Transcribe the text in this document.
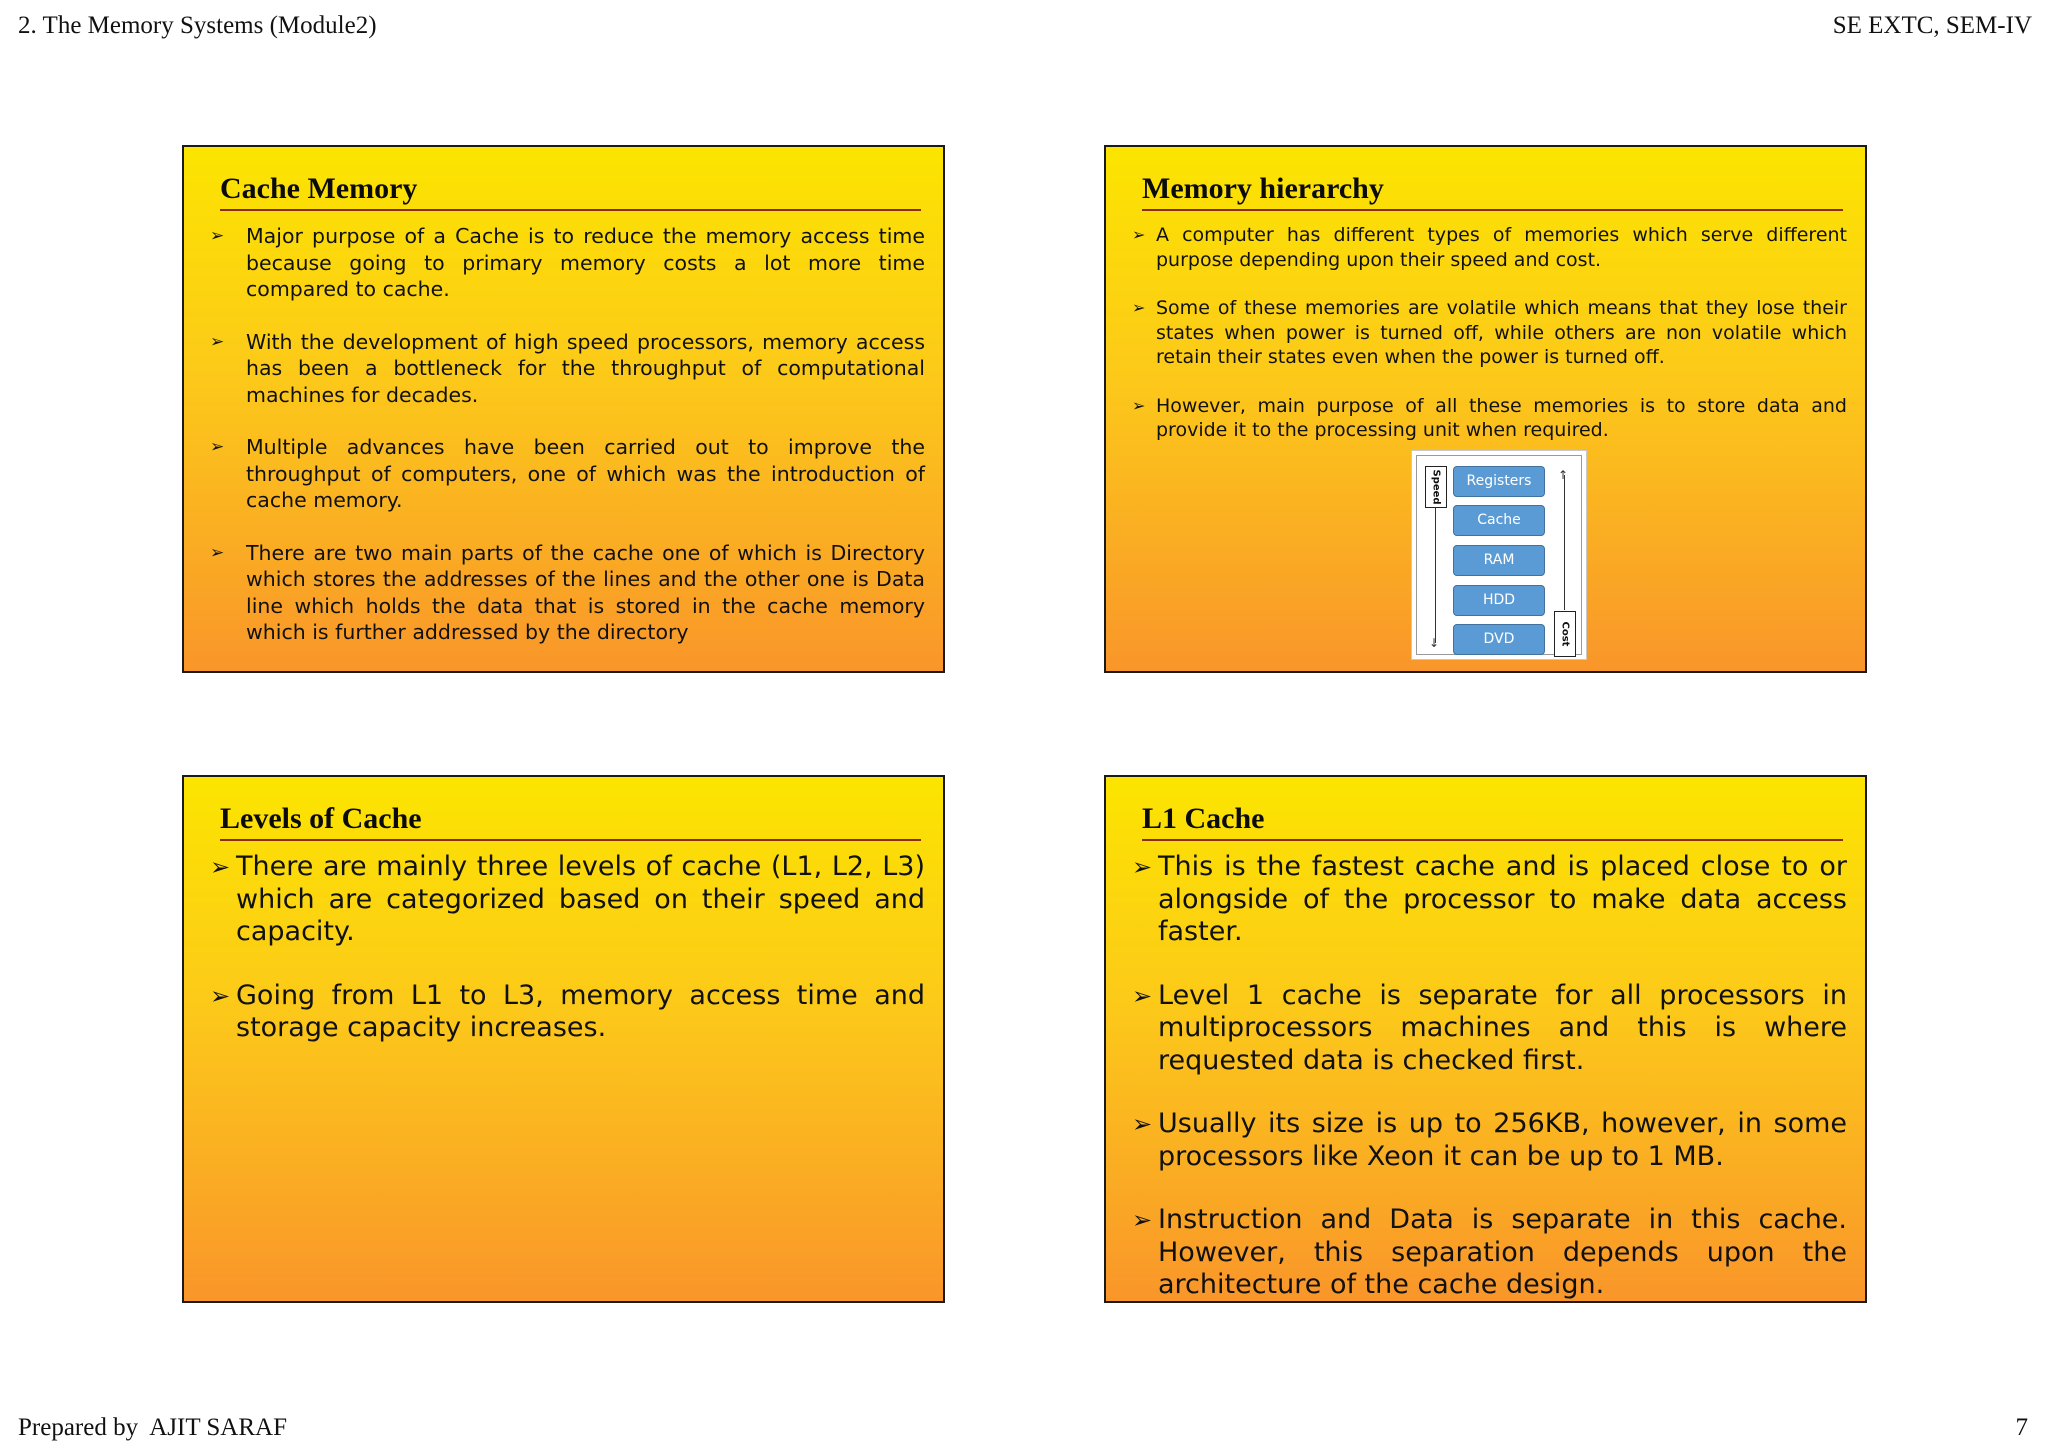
2. The Memory Systems (Module2)	SE EXTC, SEM-IV
Cache Memory
➢	Major purpose of a Cache is to reduce the memory access time because going to primary memory costs a lot more time compared to cache.
➢	With the development of high speed processors, memory access has been a bottleneck for the throughput of computational machines for decades.
➢	Multiple advances have been carried out to improve the throughput of computers, one of which was the introduction of cache memory.
➢	There are two main parts of the cache one of which is Directory which stores the addresses of the lines and the other one is Data line which holds the data that is stored in the cache memory which is further addressed by the directory
Memory hierarchy
➢ A computer has different types of memories which serve different purpose depending upon their speed and cost.
➢ Some of these memories are volatile which means that they lose their states when power is turned off, while others are non volatile which retain their states even when the power is turned off.
➢ However, main purpose of all these memories is to store data and provide it to the processing unit when required.
Speed
↓
↑
Cost
Registers
Cache
RAM
HDD
DVD
Levels of Cache
➢ There are mainly three levels of cache (L1, L2, L3) which are categorized based on their speed and capacity.
➢ Going from L1 to L3, memory access time and storage capacity increases.
L1 Cache
➢ This is the fastest cache and is placed close to or alongside of the processor to make data access faster.
➢ Level 1 cache is separate for all processors in multiprocessors machines and this is where requested data is checked first.
➢ Usually its size is up to 256KB, however, in some processors like Xeon it can be up to 1 MB.
➢ Instruction and Data is separate in this cache. However, this separation depends upon the architecture of the cache design.
Prepared by  AJIT SARAF	7
